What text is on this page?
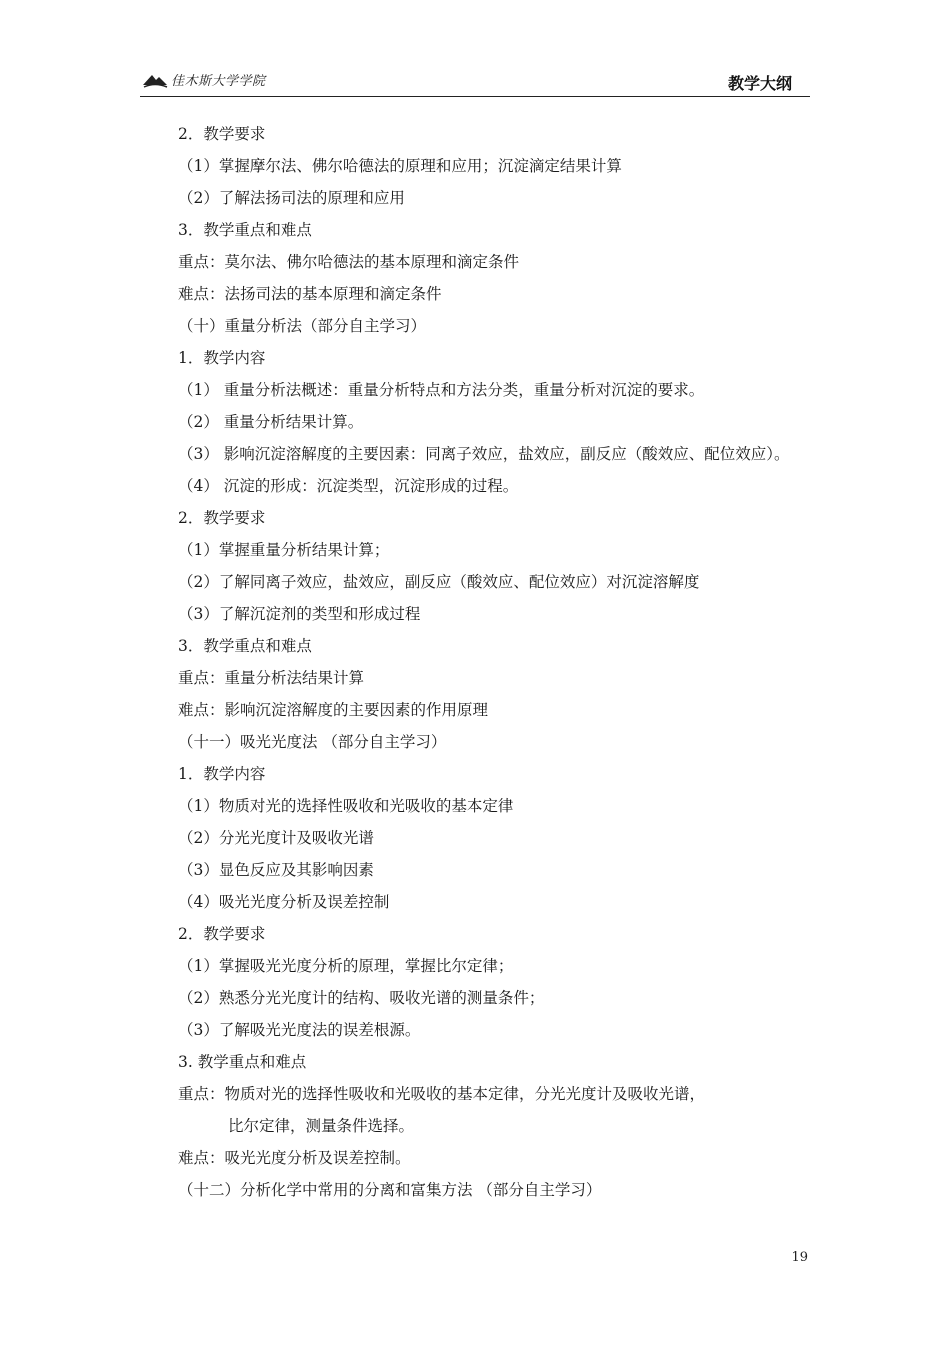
佳木斯大学学院	教学大纲
2．教学要求
（1）掌握摩尔法、佛尔哈德法的原理和应用；沉淀滴定结果计算
（2）了解法扬司法的原理和应用
3．教学重点和难点
重点：莫尔法、佛尔哈德法的基本原理和滴定条件
难点：法扬司法的基本原理和滴定条件
（十）重量分析法（部分自主学习）
1．教学内容
（1） 重量分析法概述：重量分析特点和方法分类，重量分析对沉淀的要求。
（2） 重量分析结果计算。
（3） 影响沉淀溶解度的主要因素：同离子效应，盐效应，副反应（酸效应、配位效应）。
（4） 沉淀的形成：沉淀类型，沉淀形成的过程。
2．教学要求
（1）掌握重量分析结果计算；
（2）了解同离子效应，盐效应，副反应（酸效应、配位效应）对沉淀溶解度
（3）了解沉淀剂的类型和形成过程
3．教学重点和难点
重点：重量分析法结果计算
难点：影响沉淀溶解度的主要因素的作用原理
（十一）吸光光度法 （部分自主学习）
1．教学内容
（1）物质对光的选择性吸收和光吸收的基本定律
（2）分光光度计及吸收光谱
（3）显色反应及其影响因素
（4）吸光光度分析及误差控制
2．教学要求
（1）掌握吸光光度分析的原理，掌握比尔定律；
（2）熟悉分光光度计的结构、吸收光谱的测量条件；
（3）了解吸光光度法的误差根源。
3. 教学重点和难点
重点：物质对光的选择性吸收和光吸收的基本定律，分光光度计及吸收光谱，
比尔定律，测量条件选择。
难点：吸光光度分析及误差控制。
（十二）分析化学中常用的分离和富集方法 （部分自主学习）
19
